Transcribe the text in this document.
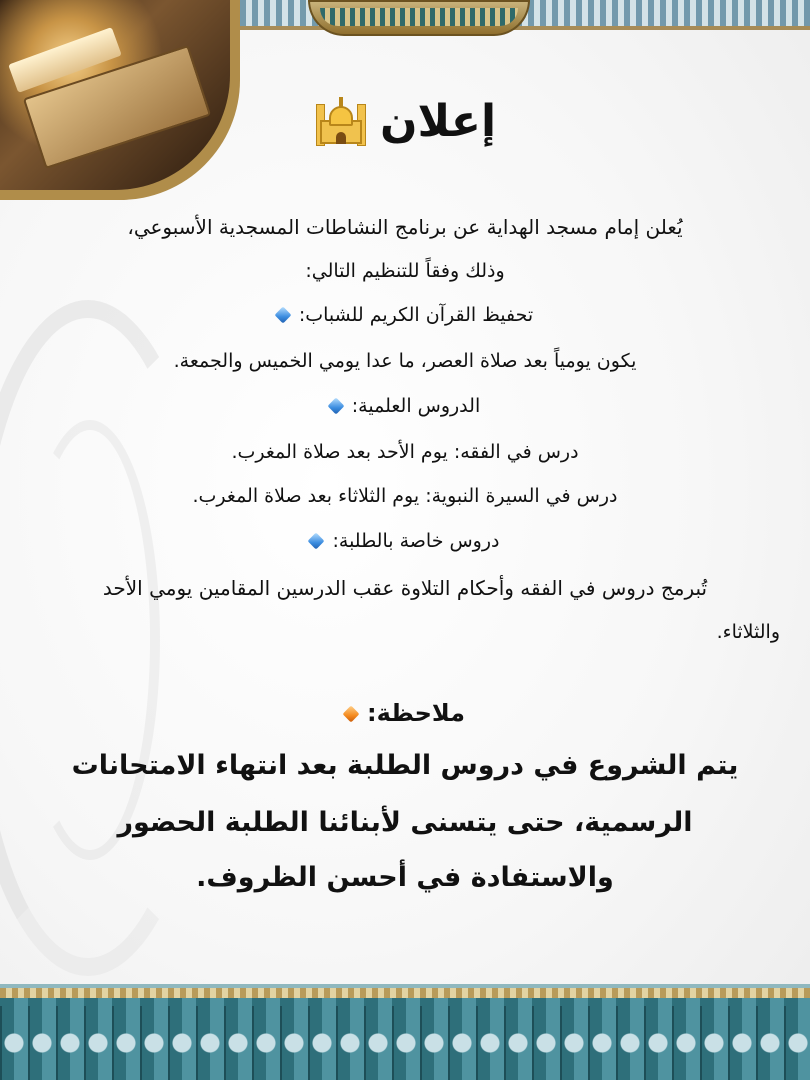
إعلان
يُعلن إمام مسجد الهداية عن برنامج النشاطات المسجدية الأسبوعي،
وذلك وفقاً للتنظيم التالي:
تحفيظ القرآن الكريم للشباب:
يكون يومياً بعد صلاة العصر، ما عدا يومي الخميس والجمعة.
الدروس العلمية:
درس في الفقه: يوم الأحد بعد صلاة المغرب.
درس في السيرة النبوية: يوم الثلاثاء بعد صلاة المغرب.
دروس خاصة بالطلبة:
تُبرمج دروس في الفقه وأحكام التلاوة عقب الدرسين المقامين يومي الأحد
والثلاثاء.
ملاحظة:
يتم الشروع في دروس الطلبة بعد انتهاء الامتحانات
الرسمية، حتى يتسنى لأبنائنا الطلبة الحضور
والاستفادة في أحسن الظروف.
